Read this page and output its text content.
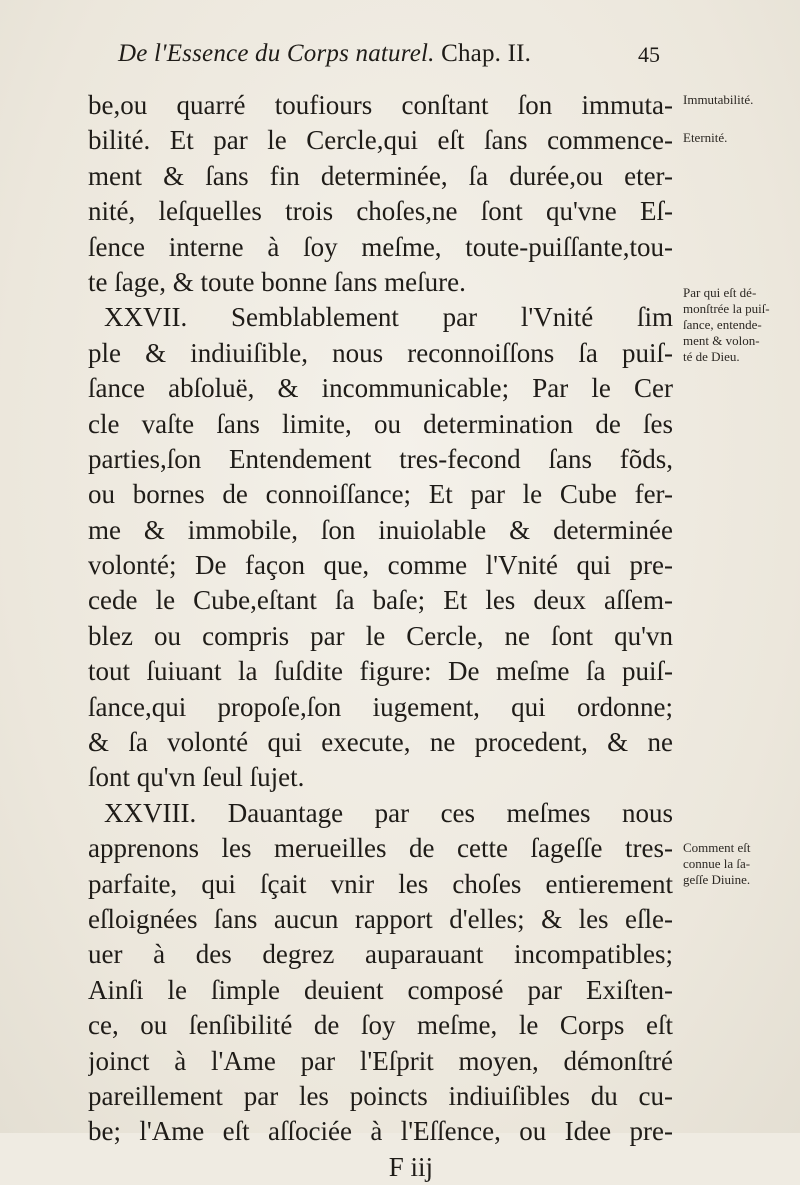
De l'Essence du Corps naturel. Chap. II.	45
be,ou quarré toufiours conſtant ſon immuta-
bilité. Et par le Cercle,qui eſt ſans commence-
ment & ſans fin determinée, ſa durée,ou eter-
nité, leſquelles trois choſes,ne ſont qu'vne Eſ-
ſence interne à ſoy meſme, toute-puiſſante,tou-
te ſage, & toute bonne ſans meſure.
XXVII. Semblablement par l'Vnité ſim
ple & indiuiſible, nous reconnoiſſons ſa puiſ-
ſance abſoluë, & incommunicable; Par le Cer
cle vaſte ſans limite, ou determination de ſes
parties,ſon Entendement tres-fecond ſans fõds,
ou bornes de connoiſſance; Et par le Cube fer-
me & immobile, ſon inuiolable & determinée
volonté; De façon que, comme l'Vnité qui pre-
cede le Cube,eſtant ſa baſe; Et les deux aſſem-
blez ou compris par le Cercle, ne ſont qu'vn
tout ſuiuant la ſuſdite figure: De meſme ſa puiſ-
ſance,qui propoſe,ſon iugement, qui ordonne;
& ſa volonté qui execute, ne procedent, & ne
ſont qu'vn ſeul ſujet.
XXVIII. Dauantage par ces meſmes nous
apprenons les merueilles de cette ſageſſe tres-
parfaite, qui ſçait vnir les choſes entierement
eſloignées ſans aucun rapport d'elles; & les eſle-
uer à des degrez auparauant incompatibles;
Ainſi le ſimple deuient composé par Exiſten-
ce, ou ſenſibilité de ſoy meſme, le Corps eſt
joinct à l'Ame par l'Eſprit moyen, démonſtré
pareillement par les poincts indiuiſibles du cu-
be; l'Ame eſt aſſociée à l'Eſſence, ou Idee pre-
F iij
Immutabilité.
Eternité.
Par qui eſt dé-
monſtrée la puiſ-
ſance, entende-
ment & volon-
té de Dieu.
Comment eſt
connue la ſa-
geſſe Diuine.
